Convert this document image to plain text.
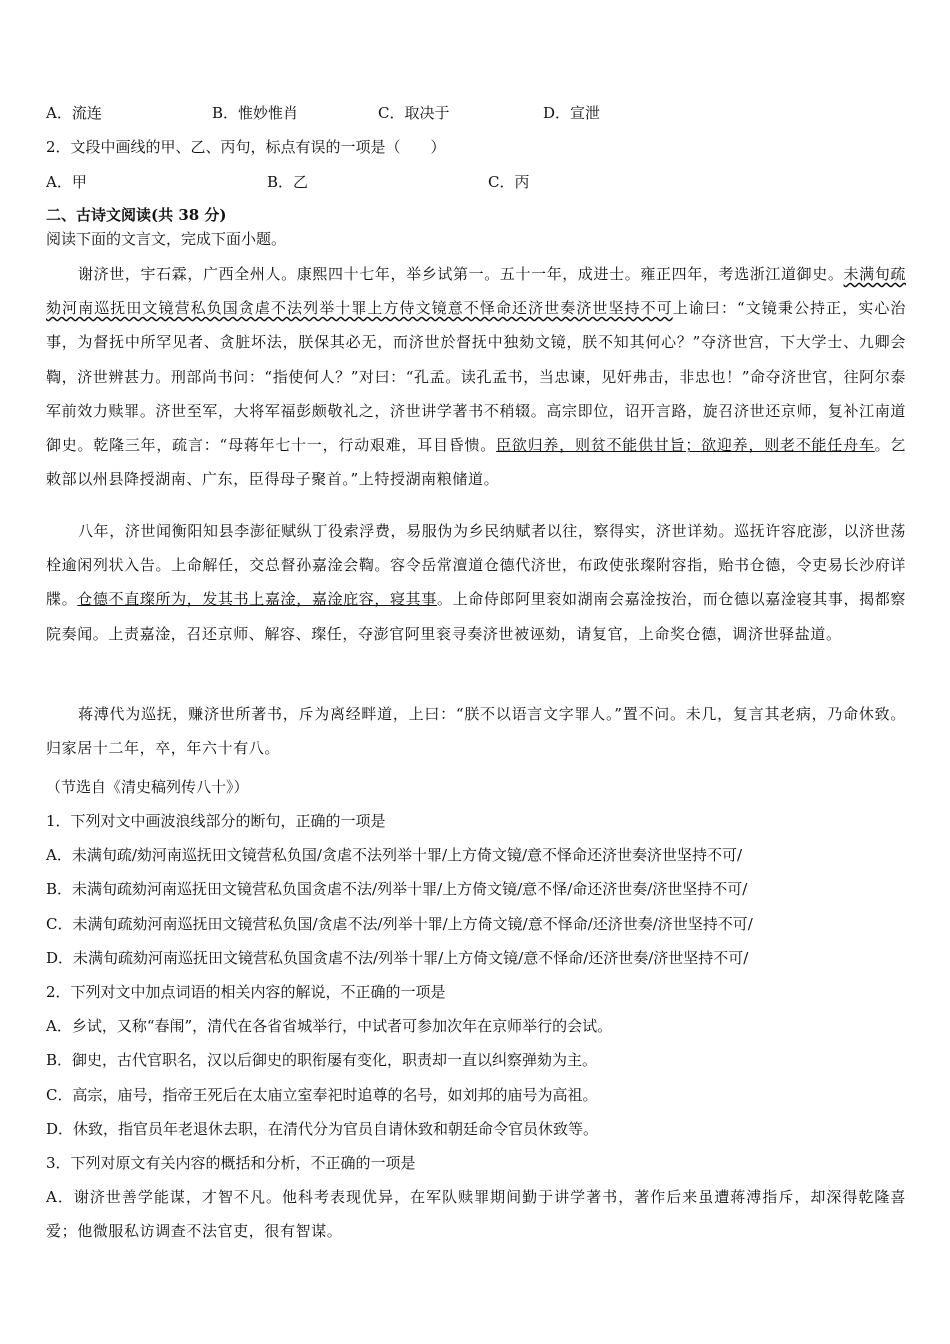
A．流连	B．惟妙惟肖	C．取决于	D．宣泄
2．文段中画线的甲、乙、丙句，标点有误的一项是（　　）
A．甲	B．乙	C．丙
二、古诗文阅读(共 38 分)
阅读下面的文言文，完成下面小题。
谢济世，宇石霖，广西全州人。康熙四十七年，举乡试第一。五十一年，成进士。雍正四年，考选浙江道御史。未满旬疏劾河南巡抚田文镜营私负国贪虐不法列举十罪上方侍文镜意不怿命还济世奏济世坚持不可上谕曰：“文镜秉公持正，实心治事，为督抚中所罕见者、贪脏坏法，朕保其必无，而济世於督抚中独劾文镜，朕不知其何心？”夺济世宫，下大学士、九卿会鞫，济世辨甚力。刑部尚书问：“指使何人？”对曰：“孔孟。读孔孟书，当忠谏，见奸弗击，非忠也！”命夺济世官，往阿尔泰军前效力赎罪。济世至军，大将军福彭颇敬礼之，济世讲学著书不稍辍。高宗即位，诏开言路，旋召济世还京师，复补江南道御史。乾隆三年，疏言：“母蒋年七十一，行动艰难，耳目昏愦。臣欲归养，则贫不能供甘旨；欲迎养，则老不能任舟车。乞敕部以州县降授湖南、广东，臣得母子聚首。”上特授湖南粮储道。
八年，济世闻衡阳知县李澎征赋纵丁役索浮费，易服伪为乡民纳赋者以往，察得实，济世详劾。巡抚许容庇澎，以济世荡栓逾闲列状入告。上命解任，交总督孙嘉淦会鞫。容令岳常澶道仓德代济世，布政使张璨附容指，贻书仓德，令吏易长沙府详牒。仓德不直璨所为，发其书上嘉淦，嘉淦庇容，寝其事。上命侍郎阿里衮如湖南会嘉淦按治，而仓德以嘉淦寝其事，揭都察院奏闻。上责嘉淦，召还京师、解容、璨任，夺澎官阿里衮寻奏济世被诬劾，请复官，上命奖仓德，调济世驿盐道。
蒋溥代为巡抚，赚济世所著书，斥为离经畔道，上曰：“朕不以语言文字罪人。”置不问。未几，复言其老病，乃命休致。归家居十二年，卒，年六十有八。
（节选自《清史稿列传八十》）
1．下列对文中画波浪线部分的断句，正确的一项是
A．未满旬疏/劾河南巡抚田文镜营私负国/贪虐不法列举十罪/上方倚文镜/意不怿命还济世奏济世坚持不可/
B．未满旬疏劾河南巡抚田文镜营私负国贪虐不法/列举十罪/上方倚文镜/意不怿/命还济世奏/济世坚持不可/
C．未满旬疏劾河南巡抚田文镜营私负国/贪虐不法/列举十罪/上方倚文镜/意不怿命/还济世奏/济世坚持不可/
D．未满旬疏劾河南巡抚田文镜营私负国贪虐不法/列举十罪/上方倚文镜/意不怿命/还济世奏/济世坚持不可/
2．下列对文中加点词语的相关内容的解说，不正确的一项是
A．乡试，又称“春闱”，清代在各省省城举行，中试者可参加次年在京师举行的会试。
B．御史，古代官职名，汉以后御史的职衔屡有变化，职责却一直以纠察弹劾为主。
C．高宗，庙号，指帝王死后在太庙立室奉祀时追尊的名号，如刘邦的庙号为高祖。
D．休致，指官员年老退休去职，在清代分为官员自请休致和朝廷命令官员休致等。
3．下列对原文有关内容的概括和分析，不正确的一项是
A．谢济世善学能谋，才智不凡。他科考表现优异，在军队赎罪期间勤于讲学著书，著作后来虽遭蒋溥指斥，却深得乾隆喜爱；他微服私访调查不法官吏，很有智谋。
